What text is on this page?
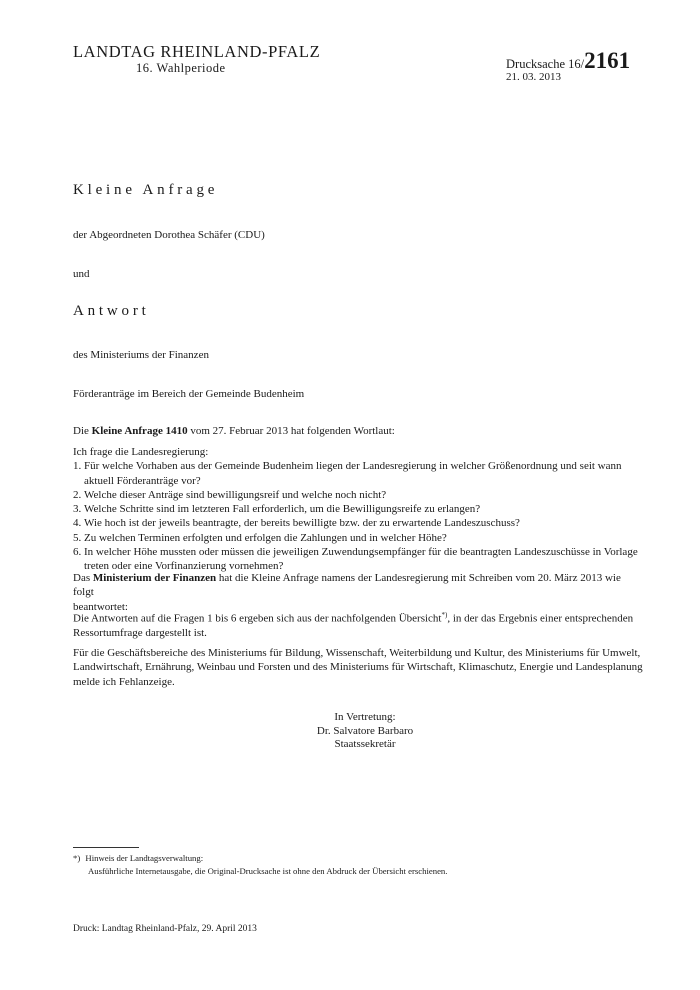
LANDTAG RHEINLAND-PFALZ
16. Wahlperiode	Drucksache 16/2161
21. 03. 2013
Kleine Anfrage
der Abgeordneten Dorothea Schäfer (CDU)
und
Antwort
des Ministeriums der Finanzen
Förderanträge im Bereich der Gemeinde Budenheim
Die Kleine Anfrage 1410 vom 27. Februar 2013 hat folgenden Wortlaut:
Ich frage die Landesregierung:
1. Für welche Vorhaben aus der Gemeinde Budenheim liegen der Landesregierung in welcher Größenordnung und seit wann
aktuell Förderanträge vor?
2. Welche dieser Anträge sind bewilligungsreif und welche noch nicht?
3. Welche Schritte sind im letzteren Fall erforderlich, um die Bewilligungsreife zu erlangen?
4. Wie hoch ist der jeweils beantragte, der bereits bewilligte bzw. der zu erwartende Landeszuschuss?
5. Zu welchen Terminen erfolgten und erfolgen die Zahlungen und in welcher Höhe?
6. In welcher Höhe mussten oder müssen die jeweiligen Zuwendungsempfänger für die beantragten Landeszuschüsse in Vorlage
treten oder eine Vorfinanzierung vornehmen?
Das Ministerium der Finanzen hat die Kleine Anfrage namens der Landesregierung mit Schreiben vom 20. März 2013 wie folgt
beantwortet:
Die Antworten auf die Fragen 1 bis 6 ergeben sich aus der nachfolgenden Übersicht*), in der das Ergebnis einer entsprechenden
Ressortumfrage dargestellt ist.
Für die Geschäftsbereiche des Ministeriums für Bildung, Wissenschaft, Weiterbildung und Kultur, des Ministeriums für Umwelt,
Landwirtschaft, Ernährung, Weinbau und Forsten und des Ministeriums für Wirtschaft, Klimaschutz, Energie und Landesplanung
melde ich Fehlanzeige.
In Vertretung:
Dr. Salvatore Barbaro
Staatssekretär
*) Hinweis der Landtagsverwaltung:
Ausführliche Internetausgabe, die Original-Drucksache ist ohne den Abdruck der Übersicht erschienen.
Druck: Landtag Rheinland-Pfalz, 29. April 2013
